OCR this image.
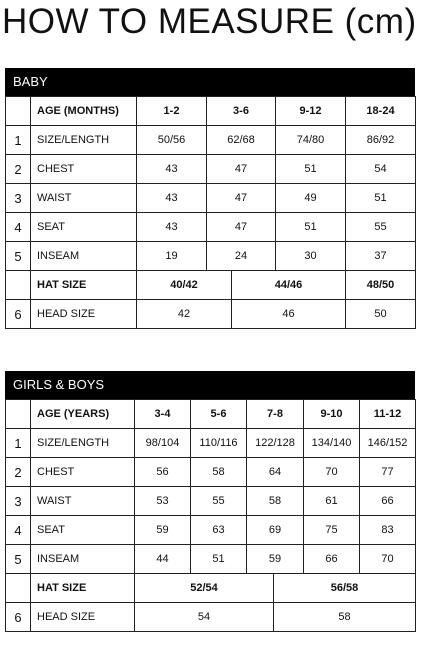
HOW TO MEASURE (cm)
BABY
	AGE (MONTHS)	1-2	3-6		9-12	18-24
1	SIZE/LENGTH	50/56	62/68		74/80	86/92
2	CHEST	43	47		51	54
3	WAIST	43	47		49	51
4	SEAT	43	47		51	55
5	INSEAM	19	24		30	37
	HAT SIZE	40/42		44/46		48/50
6	HEAD SIZE	42		46		50
GIRLS & BOYS
	AGE (YEARS)	3-4	5-6	7-8		9-10	11-12
1	SIZE/LENGTH	98/104	110/116	122/128		134/140	146/152
2	CHEST	56	58	64		70	77
3	WAIST	53	55	58		61	66
4	SEAT	59	63	69		75	83
5	INSEAM	44	51	59		66	70
	HAT SIZE	52/54			56/58		
6	HEAD SIZE	54			58		
